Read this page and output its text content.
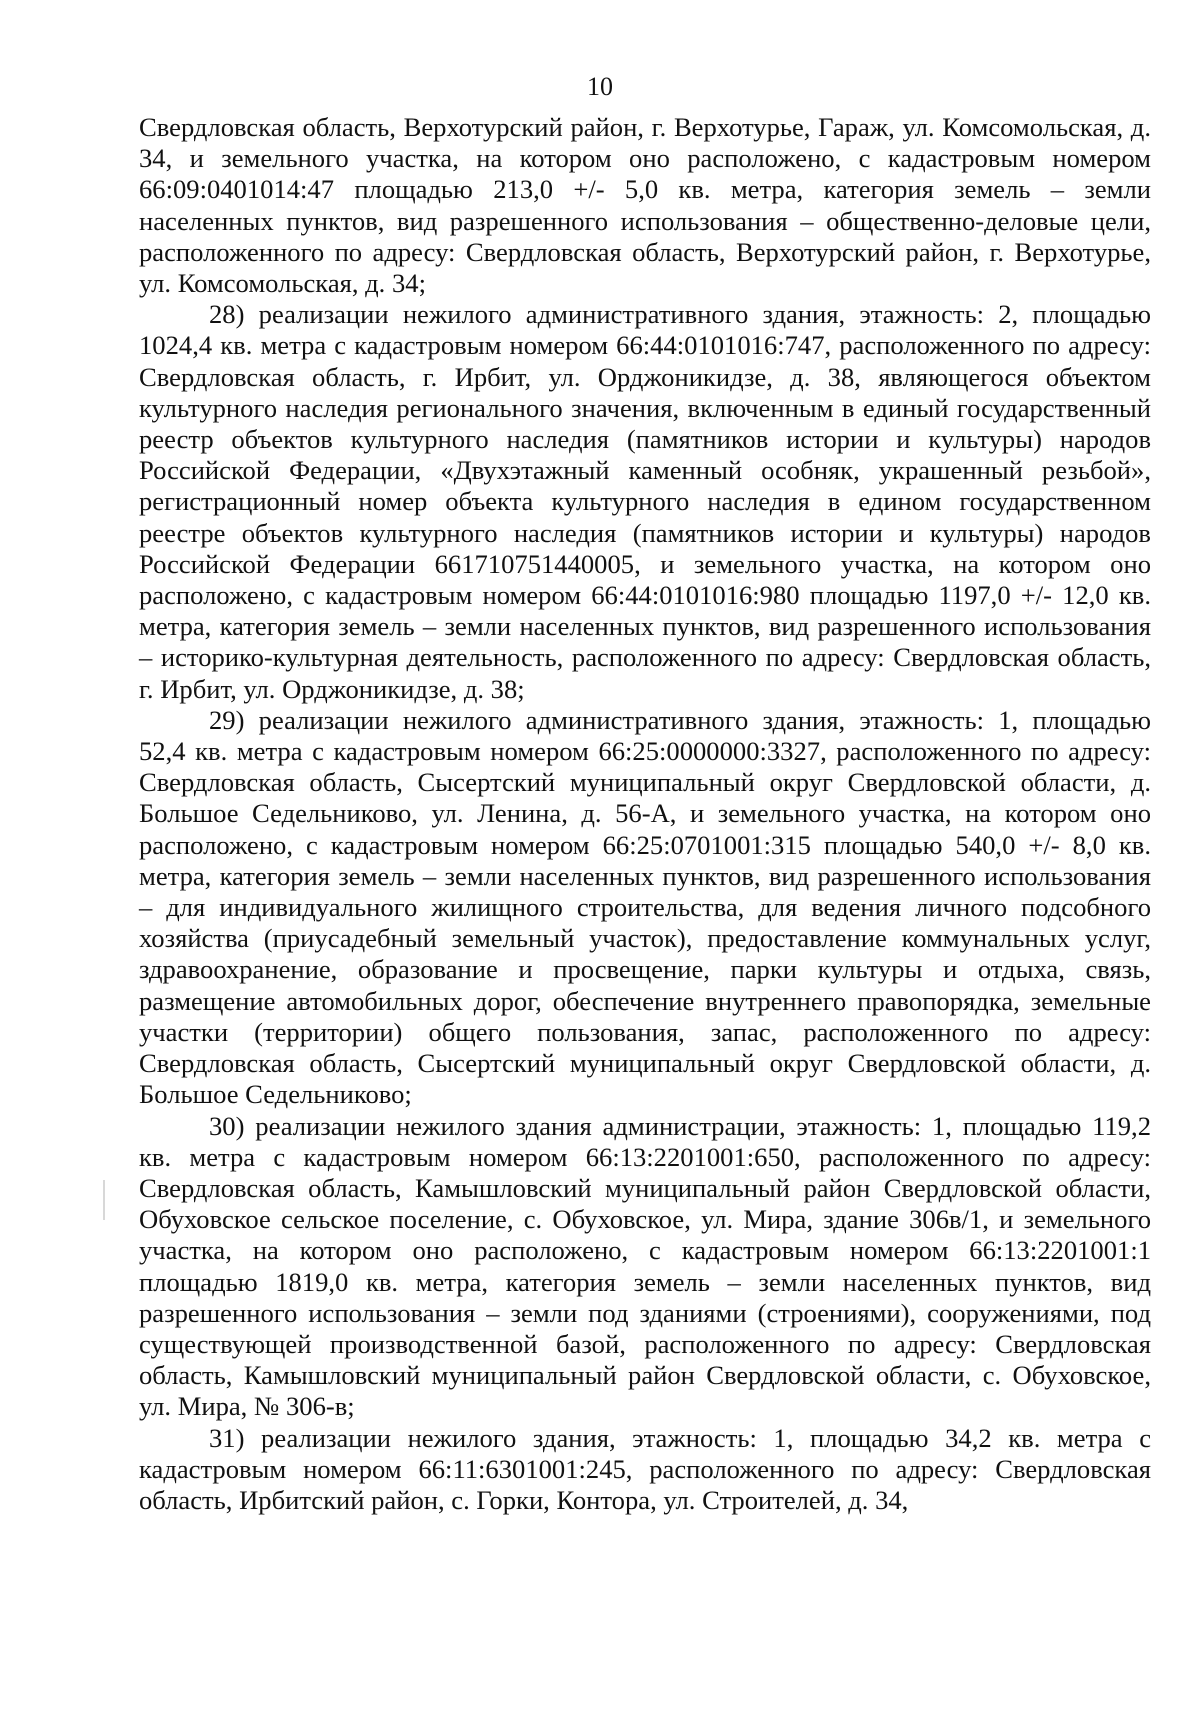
10

Свердловская область, Верхотурский район, г. Верхотурье, Гараж, ул. Комсомольская, д. 34, и земельного участка, на котором оно расположено, с кадастровым номером 66:09:0401014:47 площадью 213,0 +/- 5,0 кв. метра, категория земель – земли населенных пунктов, вид разрешенного использования – общественно-деловые цели, расположенного по адресу: Свердловская область, Верхотурский район, г. Верхотурье, ул. Комсомольская, д. 34;

28) реализации нежилого административного здания, этажность: 2, площадью 1024,4 кв. метра с кадастровым номером 66:44:0101016:747, расположенного по адресу: Свердловская область, г. Ирбит, ул. Орджоникидзе, д. 38, являющегося объектом культурного наследия регионального значения, включенным в единый государственный реестр объектов культурного наследия (памятников истории и культуры) народов Российской Федерации, «Двухэтажный каменный особняк, украшенный резьбой», регистрационный номер объекта культурного наследия в едином государственном реестре объектов культурного наследия (памятников истории и культуры) народов Российской Федерации 661710751440005, и земельного участка, на котором оно расположено, с кадастровым номером 66:44:0101016:980 площадью 1197,0 +/- 12,0 кв. метра, категория земель – земли населенных пунктов, вид разрешенного использования – историко-культурная деятельность, расположенного по адресу: Свердловская область, г. Ирбит, ул. Орджоникидзе, д. 38;

29) реализации нежилого административного здания, этажность: 1, площадью 52,4 кв. метра с кадастровым номером 66:25:0000000:3327, расположенного по адресу: Свердловская область, Сысертский муниципальный округ Свердловской области, д. Большое Седельниково, ул. Ленина, д. 56-А, и земельного участка, на котором оно расположено, с кадастровым номером 66:25:0701001:315 площадью 540,0 +/- 8,0 кв. метра, категория земель – земли населенных пунктов, вид разрешенного использования – для индивидуального жилищного строительства, для ведения личного подсобного хозяйства (приусадебный земельный участок), предоставление коммунальных услуг, здравоохранение, образование и просвещение, парки культуры и отдыха, связь, размещение автомобильных дорог, обеспечение внутреннего правопорядка, земельные участки (территории) общего пользования, запас, расположенного по адресу: Свердловская область, Сысертский муниципальный округ Свердловской области, д. Большое Седельниково;

30) реализации нежилого здания администрации, этажность: 1, площадью 119,2 кв. метра с кадастровым номером 66:13:2201001:650, расположенного по адресу: Свердловская область, Камышловский муниципальный район Свердловской области, Обуховское сельское поселение, с. Обуховское, ул. Мира, здание 306в/1, и земельного участка, на котором оно расположено, с кадастровым номером 66:13:2201001:1 площадью 1819,0 кв. метра, категория земель – земли населенных пунктов, вид разрешенного использования – земли под зданиями (строениями), сооружениями, под существующей производственной базой, расположенного по адресу: Свердловская область, Камышловский муниципальный район Свердловской области, с. Обуховское, ул. Мира, № 306-в;

31) реализации нежилого здания, этажность: 1, площадью 34,2 кв. метра с кадастровым номером 66:11:6301001:245, расположенного по адресу: Свердловская область, Ирбитский район, с. Горки, Контора, ул. Строителей, д. 34,
